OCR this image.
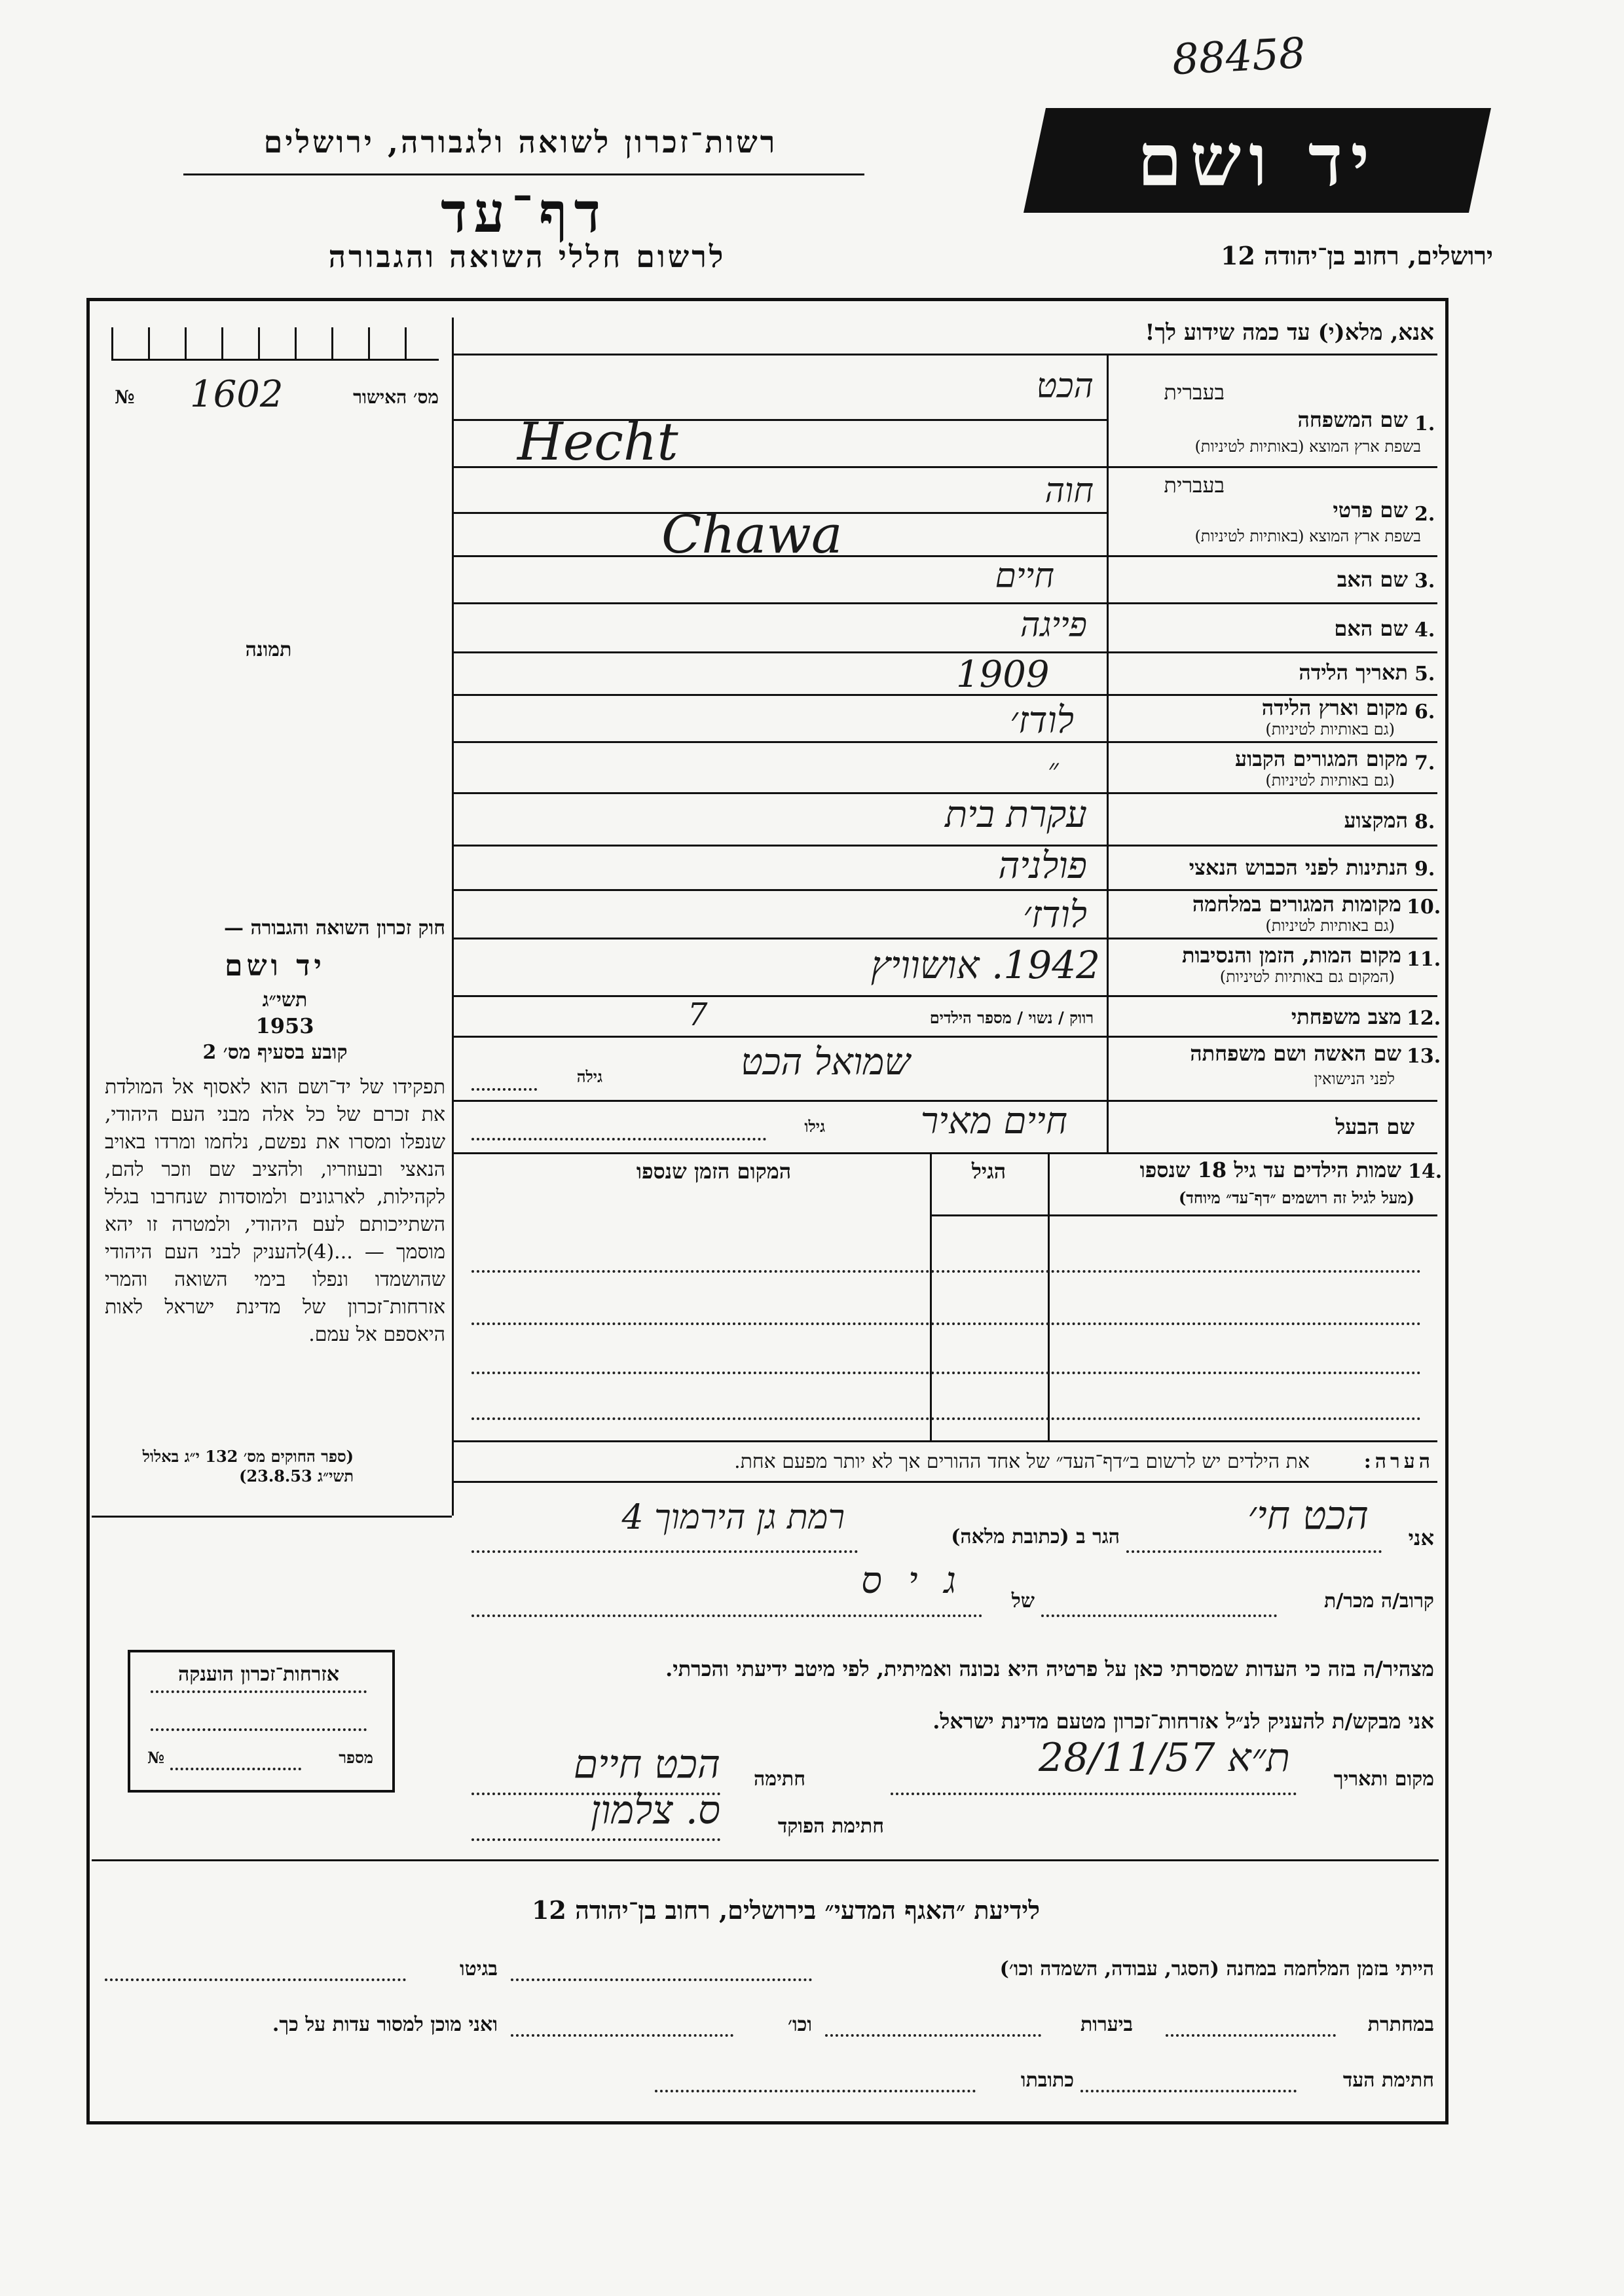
88458
רשות־זכרון לשואה ולגבורה, ירושלים
דף־עד
לרשום חללי השואה והגבורה
יד ושם
ירושלים, רחוב בן־יהודה 12
אנא, מלא(י) עד כמה שידוע לך!
מס׳ האישור
1602
№
תמונה
בעברית
1.
שם המשפחה
בשפת ארץ המוצא (באותיות לטיניות)
הכט
Hecht
בעברית
2.
שם פרטי
בשפת ארץ המוצא (באותיות לטיניות)
חוה
Chawa
3.
שם האב
חיים
4.
שם האם
פייגה
5.
תאריך הלידה
1909
6.
מקום וארץ הלידה
(גם באותיות לטיניות)
לודז׳
7.
מקום המגורים הקבוע
(גם באותיות לטיניות)
״
8.
המקצוע
עקרת בית
9.
הנתינות לפני הכבוש הנאצי
פולניה
10.
מקומות המגורים במלחמה
(גם באותיות לטיניות)
לודז׳
11.
מקום המות, הזמן והנסיבות
(המקום גם באותיות לטיניות)
1942. אושוויץ
12.
מצב משפחתי
רווק / נשוי / מספר הילדים
7
13.
שם האשה ושם משפחתה
לפני הנישואין
שמואל הכט
גילה
שם הבעל
חיים מאיר
גילו
14.
שמות הילדים עד גיל 18 שנספו
(מעל לגיל זה רושמים ״דף־עד״ מיוחד)
הגיל
המקום הזמן שנספו
חוק זכרון השואה והגבורה —
יד ושם
תשי״ג
1953
קובע בסעיף מס׳ 2
תפקידו של יד־ושם הוא לאסוף אל המולדת את זכרם של כל אלה מבני העם היהודי, שנפלו ומסרו את נפשם, נלחמו ומרדו באויב הנאצי ובעוזריו, ולהציב שם וזכר להם, לקהילות, לארגונים ולמוסדות שנחרבו בגלל השתייכותם לעם היהודי, ולמטרה זו יהא מוסמך — ...(4)להעניק לבני העם היהודי שהושמדו ונפלו בימי השואה והמרי אזרחות־זכרון של מדינת ישראל לאות היאספם אל עמם.
(ספר החוקים מס׳ 132 י״ג באלול תשי״ג 23.8.53)
הערה:
את הילדים יש לרשום ב״דף־העד״ של אחד ההורים אך לא יותר מפעם אחת.
אני
הכט חי׳
הגר ב (כתובת מלאה)
רמת גן הירמוך 4
קרוב/ה מכר/ת
גיס	של
מצהיר/ה בזה כי העדות שמסרתי כאן על פרטיה היא נכונה ואמיתית, לפי מיטב ידיעתי והכרתי.
אני מבקש/ת להעניק לנ״ל אזרחות־זכרון מטעם מדינת ישראל.
מקום ותאריך
ת״א 28/11/57
חתימה
הכט חיים
חתימת הפוקד
ס. צלמון
אזרחות־זכרון הוענקה
מספר
№
לידיעת ״האגף המדעי״ בירושלים, רחוב בן־יהודה 12
הייתי בזמן המלחמה במחנה (הסגר, עבודה, השמדה וכו׳)
בגיטו
במחתרת
ביערות
וכו׳
ואני מוכן למסור עדות על כך.
חתימת העד
כתובתו
